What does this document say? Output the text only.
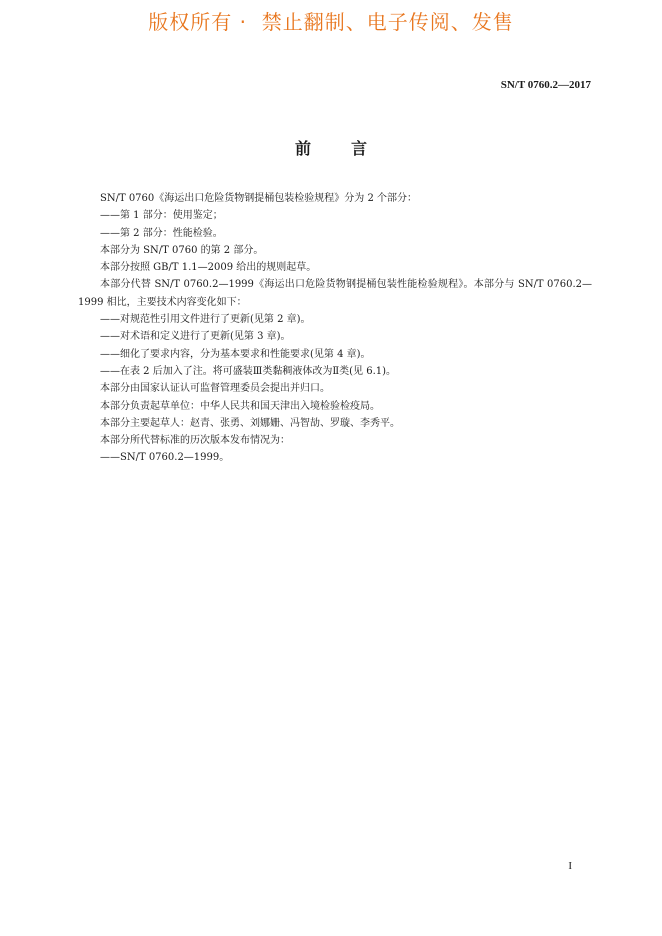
版权所有 ·  禁止翻制、电子传阅、发售
SN/T 0760.2—2017
前言

SN/T 0760《海运出口危险货物钢提桶包装检验规程》分为 2 个部分：

——第 1 部分：使用鉴定；

——第 2 部分：性能检验。

本部分为 SN/T 0760 的第 2 部分。

本部分按照 GB/T 1.1—2009 给出的规则起草。

本部分代替 SN/T 0760.2—1999《海运出口危险货物钢提桶包装性能检验规程》。本部分与 SN/T 0760.2—1999 相比，主要技术内容变化如下：

——对规范性引用文件进行了更新(见第 2 章)。

——对术语和定义进行了更新(见第 3 章)。

——细化了要求内容，分为基本要求和性能要求(见第 4 章)。

——在表 2 后加入了注。将可盛装Ⅲ类黏稠液体改为Ⅱ类(见 6.1)。

本部分由国家认证认可监督管理委员会提出并归口。

本部分负责起草单位：中华人民共和国天津出入境检验检疫局。

本部分主要起草人：赵青、张勇、刘娜姗、冯智劼、罗璇、李秀平。

本部分所代替标准的历次版本发布情况为：

——SN/T 0760.2—1999。

I
